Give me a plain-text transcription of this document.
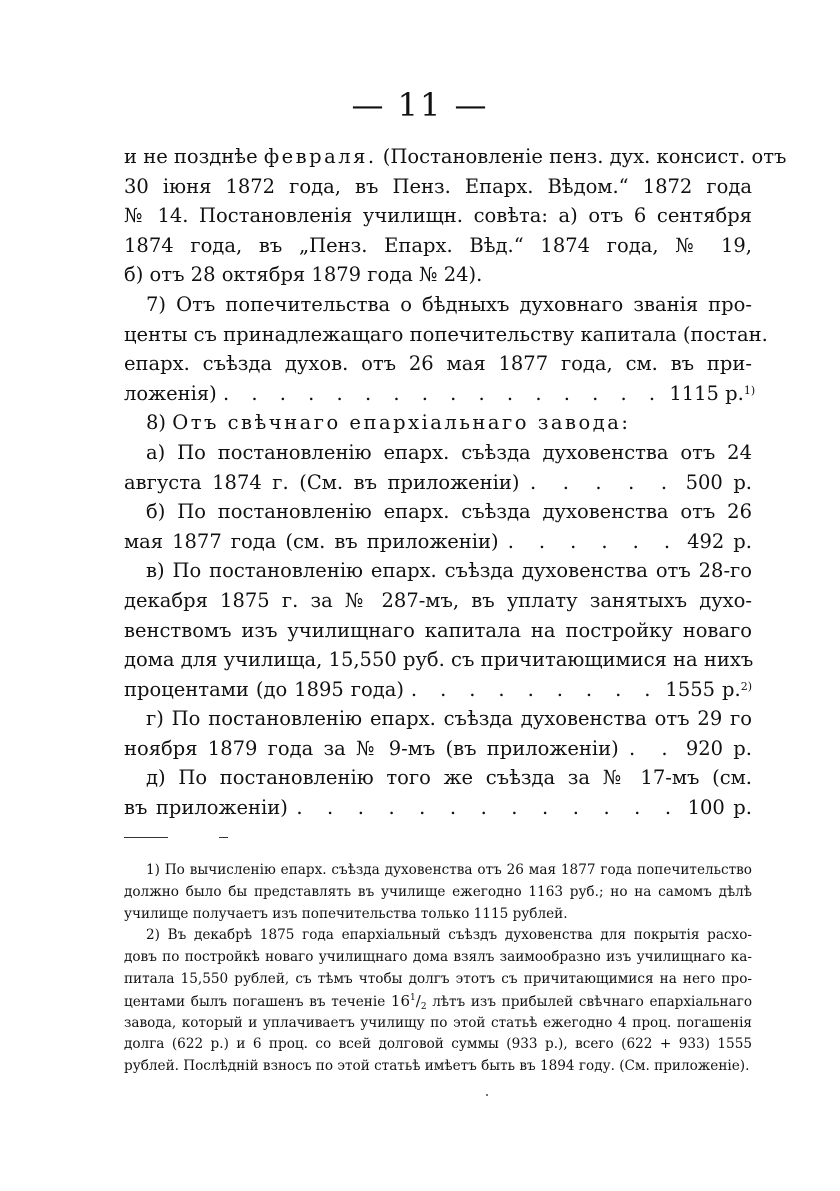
— 11 —
и не позднѣе февраля. (Постановленіе пенз. дух. консист. отъ
30 іюня 1872 года, въ Пенз. Епарх. Вѣдом.“ 1872 года
№ 14. Постановленія училищн. совѣта: а) отъ 6 сентября
1874 года, въ „Пенз. Епарх. Вѣд.“ 1874 года, № 19,
б) отъ 28 октября 1879 года № 24).
7) Отъ попечительства о бѣдныхъ духовнаго званія про-
центы съ принадлежащаго попечительству капитала (постан.
епарх. съѣзда духов. отъ 26 мая 1877 года, см. въ при-
ложенія) . . . . . . . . . . . . . . . . 1115 р.$^{1)}$
8) Отъ свѣчнаго епархіальнаго завода:
а) По постановленію епарх. съѣзда духовенства отъ 24
августа 1874 г. (См. въ приложеніи) . . . . . 500 р.
б) По постановленію епарх. съѣзда духовенства отъ 26
мая 1877 года (см. въ приложеніи) . . . . . . 492 р.
в) По постановленію епарх. съѣзда духовенства отъ 28-го
декабря 1875 г. за № 287-мъ, въ уплату занятыхъ духо-
венствомъ изъ училищнаго капитала на постройку новаго
дома для училища, 15,550 руб. съ причитающимися на нихъ
процентами (до 1895 года) . . . . . . . . . 1555 р.$^{2)}$
г) По постановленію епарх. съѣзда духовенства отъ 29 го
ноября 1879 года за № 9-мъ (въ приложеніи) . . 920 р.
д) По постановленію того же съѣзда за № 17-мъ (см.
въ приложеніи) . . . . . . . . . . . . . 100 р.
1) По вычисленію епарх. съѣзда духовенства отъ 26 мая 1877 года попечительство
должно было бы представлять въ училище ежегодно 1163 руб.; но на самомъ дѣлѣ
училище получаетъ изъ попечительства только 1115 рублей.
2) Въ декабрѣ 1875 года епархіальный съѣздъ духовенства для покрытія расхо-
довъ по постройкѣ новаго училищнаго дома взялъ заимообразно изъ училищнаго ка-
питала 15,550 рублей, съ тѣмъ чтобы долгъ этотъ съ причитающимися на него про-
центами былъ погашенъ въ теченіе $16^1/_2$ лѣтъ изъ прибылей свѣчнаго епархіальнаго
завода, который и уплачиваетъ училищу по этой статьѣ ежегодно 4 проц. погашенія
долга (622 р.) и 6 проц. со всей долговой суммы (933 р.), всего (622 + 933) 1555
рублей. Послѣдній взносъ по этой статьѣ имѣетъ быть въ 1894 году. (См. приложеніе).
